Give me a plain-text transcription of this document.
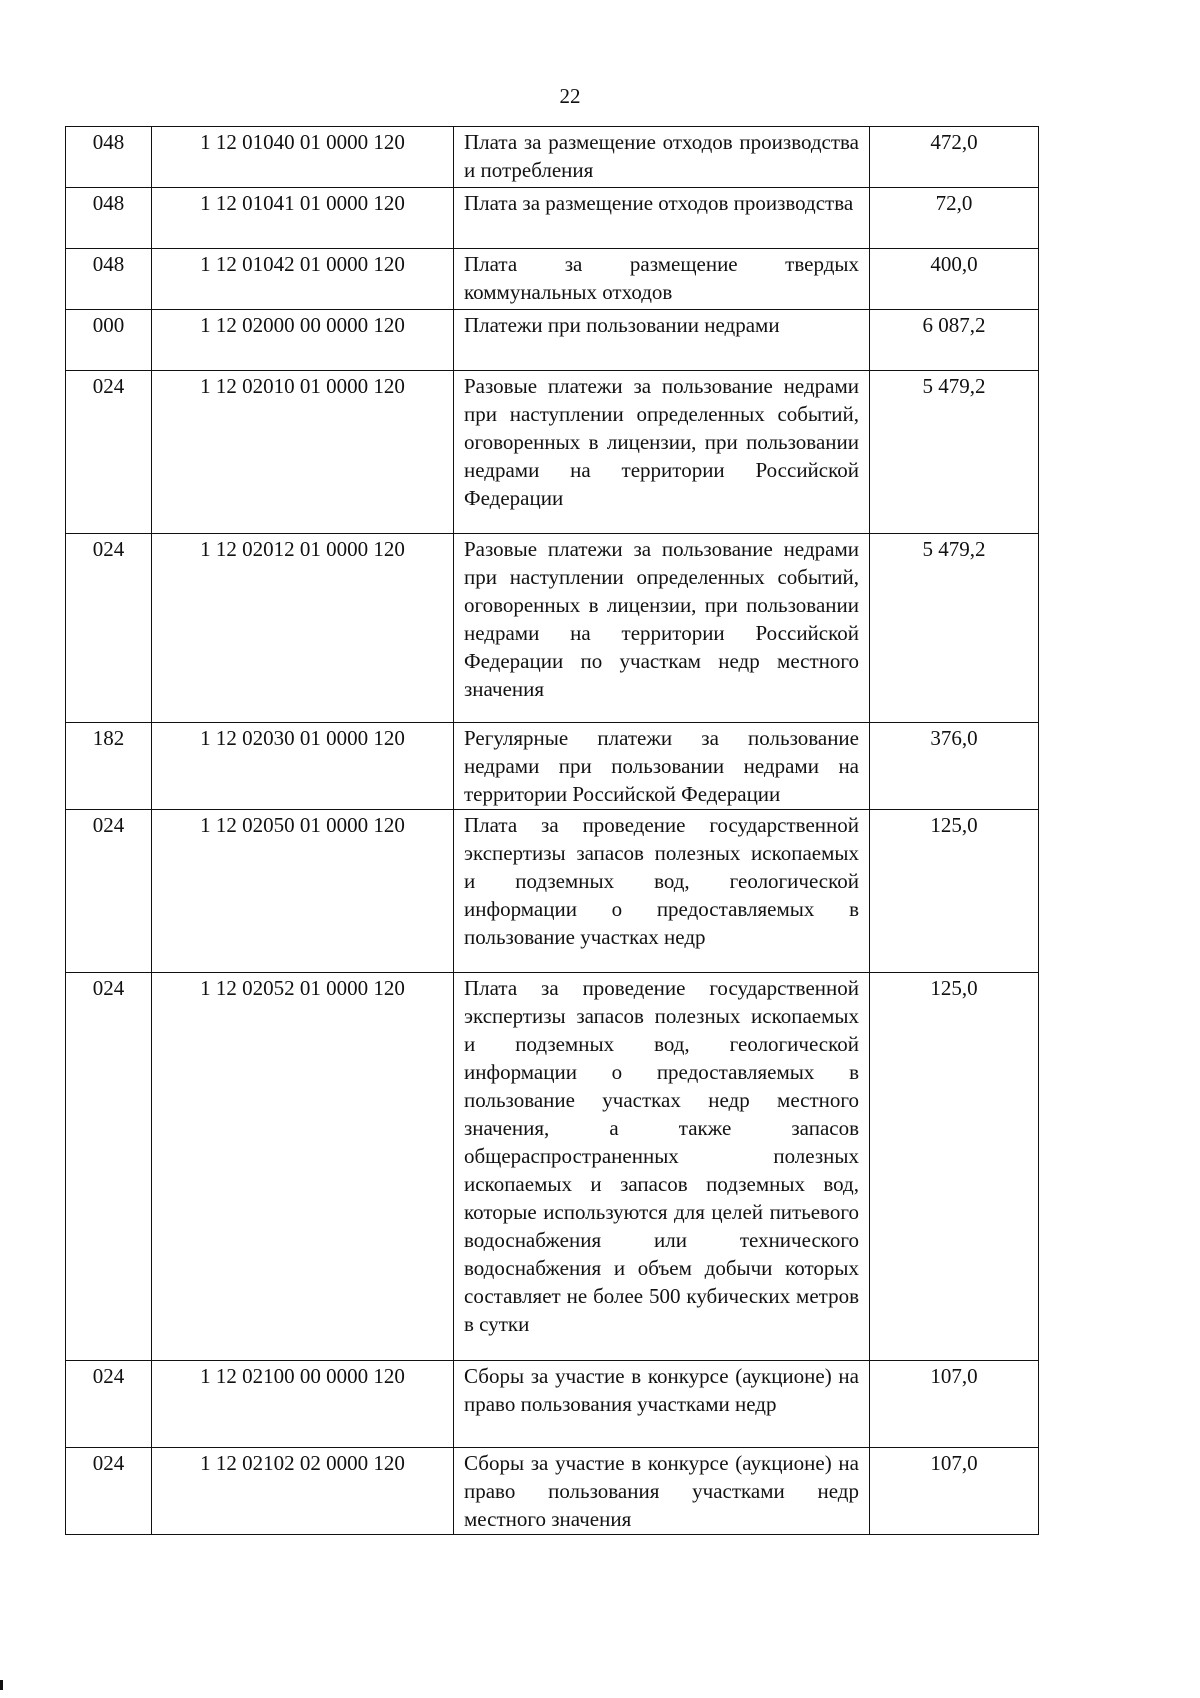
22
048	1 12 01040 01 0000 120	Плата за размещение отходов производства и потребления	472,0
048	1 12 01041 01 0000 120	Плата за размещение отходов производства	72,0
048	1 12 01042 01 0000 120	Плата за размещение твердых коммунальных отходов	400,0
000	1 12 02000 00 0000 120	Платежи при пользовании недрами	6 087,2
024	1 12 02010 01 0000 120	Разовые платежи за пользование недрами при наступлении определенных событий, оговоренных в лицензии, при пользовании недрами на территории Российской Федерации	5 479,2
024	1 12 02012 01 0000 120	Разовые платежи за пользование недрами при наступлении определенных событий, оговоренных в лицензии, при пользовании недрами на территории Российской Федерации по участкам недр местного значения	5 479,2
182	1 12 02030 01 0000 120	Регулярные платежи за пользование недрами при пользовании недрами на территории Российской Федерации	376,0
024	1 12 02050 01 0000 120	Плата за проведение государственной экспертизы запасов полезных ископаемых и подземных вод, геологической информации о предоставляемых в пользование участках недр	125,0
024	1 12 02052 01 0000 120	Плата за проведение государственной экспертизы запасов полезных ископаемых и подземных вод, геологической информации о предоставляемых в пользование участках недр местного значения, а также запасов общераспространенных полезных ископаемых и запасов подземных вод, которые используются для целей питьевого водоснабжения или технического водоснабжения и объем добычи которых составляет не более 500 кубических метров в сутки	125,0
024	1 12 02100 00 0000 120	Сборы за участие в конкурсе (аукционе) на право пользования участками недр	107,0
024	1 12 02102 02 0000 120	Сборы за участие в конкурсе (аукционе) на право пользования участками недр местного значения	107,0
